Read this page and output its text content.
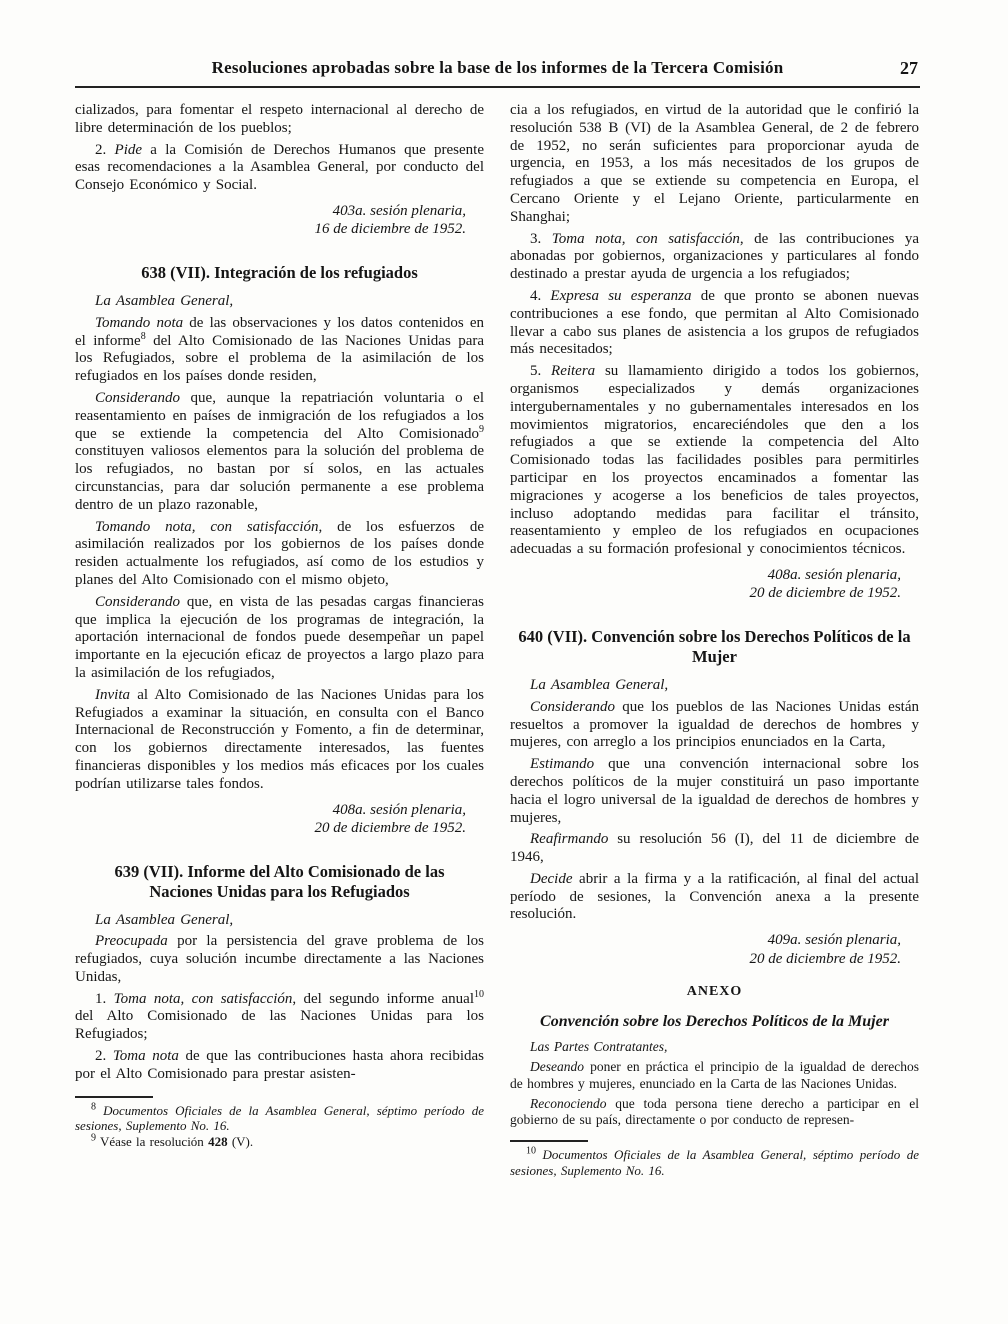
Resoluciones aprobadas sobre la base de los informes de la Tercera Comisión	27

cializados, para fomentar el respeto internacional al derecho de libre determinación de los pueblos;

2. Pide a la Comisión de Derechos Humanos que presente esas recomendaciones a la Asamblea General, por conducto del Consejo Económico y Social.

403a. sesión plenaria,
16 de diciembre de 1952.
638 (VII). Integración de los refugiados

La Asamblea General,

Tomando nota de las observaciones y los datos contenidos en el informe$^8$ del Alto Comisionado de las Naciones Unidas para los Refugiados, sobre el problema de la asimilación de los refugiados en los países donde residen,

Considerando que, aunque la repatriación voluntaria o el reasentamiento en países de inmigración de los refugiados a los que se extiende la competencia del Alto Comisionado$^9$ constituyen valiosos elementos para la solución del problema de los refugiados, no bastan por sí solos, en las actuales circunstancias, para dar solución permanente a ese problema dentro de un plazo razonable,

Tomando nota, con satisfacción, de los esfuerzos de asimilación realizados por los gobiernos de los países donde residen actualmente los refugiados, así como de los estudios y planes del Alto Comisionado con el mismo objeto,

Considerando que, en vista de las pesadas cargas financieras que implica la ejecución de los programas de integración, la aportación internacional de fondos puede desempeñar un papel importante en la ejecución eficaz de proyectos a largo plazo para la asimilación de los refugiados,

Invita al Alto Comisionado de las Naciones Unidas para los Refugiados a examinar la situación, en consulta con el Banco Internacional de Reconstrucción y Fomento, a fin de determinar, con los gobiernos directamente interesados, las fuentes financieras disponibles y los medios más eficaces por los cuales podrían utilizarse tales fondos.

408a. sesión plenaria,
20 de diciembre de 1952.
639 (VII). Informe del Alto Comisionado de las Naciones Unidas para los Refugiados

La Asamblea General,

Preocupada por la persistencia del grave problema de los refugiados, cuya solución incumbe directamente a las Naciones Unidas,

1. Toma nota, con satisfacción, del segundo informe anual$^{10}$ del Alto Comisionado de las Naciones Unidas para los Refugiados;

2. Toma nota de que las contribuciones hasta ahora recibidas por el Alto Comisionado para prestar asisten-

$^8$ Documentos Oficiales de la Asamblea General, séptimo período de sesiones, Suplemento No. 16.

$^9$ Véase la resolución 428 (V).

cia a los refugiados, en virtud de la autoridad que le confirió la resolución 538 B (VI) de la Asamblea General, de 2 de febrero de 1952, no serán suficientes para proporcionar ayuda de urgencia, en 1953, a los más necesitados de los grupos de refugiados a que se extiende su competencia en Europa, el Cercano Oriente y el Lejano Oriente, particularmente en Shanghai;

3. Toma nota, con satisfacción, de las contribuciones ya abonadas por gobiernos, organizaciones y particulares al fondo destinado a prestar ayuda de urgencia a los refugiados;

4. Expresa su esperanza de que pronto se abonen nuevas contribuciones a ese fondo, que permitan al Alto Comisionado llevar a cabo sus planes de asistencia a los grupos de refugiados más necesitados;

5. Reitera su llamamiento dirigido a todos los gobiernos, organismos especializados y demás organizaciones intergubernamentales y no gubernamentales interesados en los movimientos migratorios, encareciéndoles que den a los refugiados a que se extiende la competencia del Alto Comisionado todas las facilidades posibles para permitirles participar en los proyectos encaminados a fomentar las migraciones y acogerse a los beneficios de tales proyectos, incluso adoptando medidas para facilitar el tránsito, reasentamiento y empleo de los refugiados en ocupaciones adecuadas a su formación profesional y conocimientos técnicos.

408a. sesión plenaria,
20 de diciembre de 1952.
640 (VII). Convención sobre los Derechos Políticos de la Mujer

La Asamblea General,

Considerando que los pueblos de las Naciones Unidas están resueltos a promover la igualdad de derechos de hombres y mujeres, con arreglo a los principios enunciados en la Carta,

Estimando que una convención internacional sobre los derechos políticos de la mujer constituirá un paso importante hacia el logro universal de la igualdad de derechos de hombres y mujeres,

Reafirmando su resolución 56 (I), del 11 de diciembre de 1946,

Decide abrir a la firma y a la ratificación, al final del actual período de sesiones, la Convención anexa a la presente resolución.

409a. sesión plenaria,
20 de diciembre de 1952.
ANEXO
Convención sobre los Derechos Políticos de la Mujer

Las Partes Contratantes,

Deseando poner en práctica el principio de la igualdad de derechos de hombres y mujeres, enunciado en la Carta de las Naciones Unidas.

Reconociendo que toda persona tiene derecho a participar en el gobierno de su país, directamente o por conducto de represen-

$^{10}$ Documentos Oficiales de la Asamblea General, séptimo período de sesiones, Suplemento No. 16.
